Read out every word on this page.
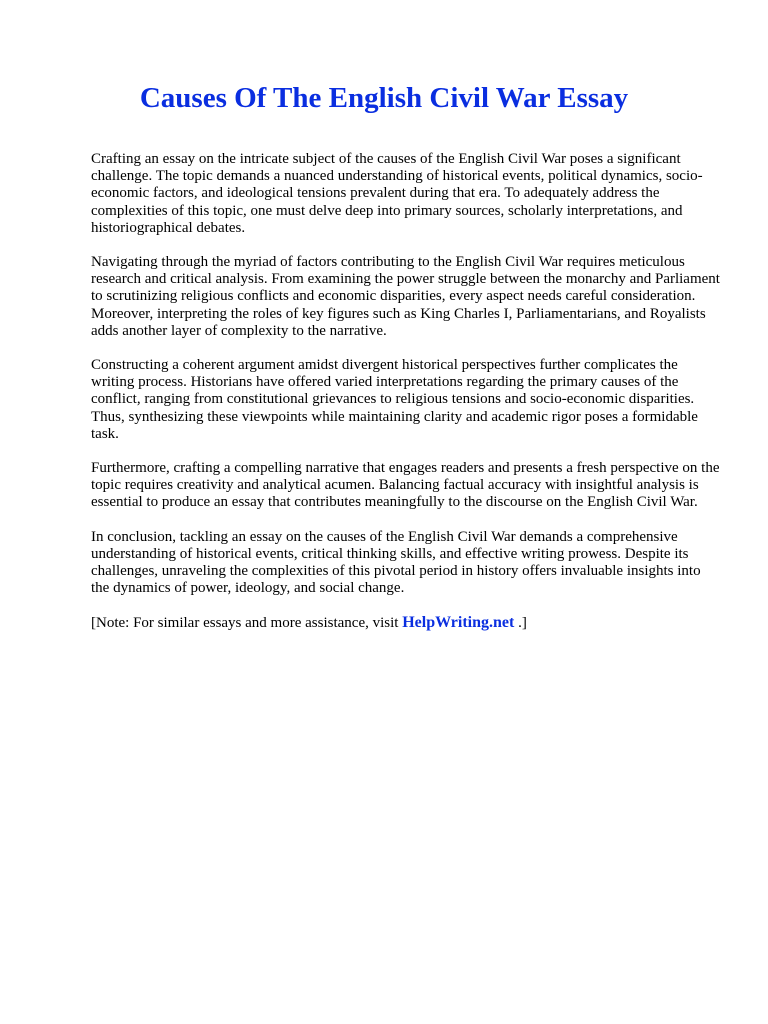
Causes Of The English Civil War Essay

Crafting an essay on the intricate subject of the causes of the English Civil War poses a significant challenge. The topic demands a nuanced understanding of historical events, political dynamics, socio-economic factors, and ideological tensions prevalent during that era. To adequately address the complexities of this topic, one must delve deep into primary sources, scholarly interpretations, and historiographical debates.

Navigating through the myriad of factors contributing to the English Civil War requires meticulous research and critical analysis. From examining the power struggle between the monarchy and Parliament to scrutinizing religious conflicts and economic disparities, every aspect needs careful consideration. Moreover, interpreting the roles of key figures such as King Charles I, Parliamentarians, and Royalists adds another layer of complexity to the narrative.

Constructing a coherent argument amidst divergent historical perspectives further complicates the writing process. Historians have offered varied interpretations regarding the primary causes of the conflict, ranging from constitutional grievances to religious tensions and socio-economic disparities. Thus, synthesizing these viewpoints while maintaining clarity and academic rigor poses a formidable task.

Furthermore, crafting a compelling narrative that engages readers and presents a fresh perspective on the topic requires creativity and analytical acumen. Balancing factual accuracy with insightful analysis is essential to produce an essay that contributes meaningfully to the discourse on the English Civil War.

In conclusion, tackling an essay on the causes of the English Civil War demands a comprehensive understanding of historical events, critical thinking skills, and effective writing prowess. Despite its challenges, unraveling the complexities of this pivotal period in history offers invaluable insights into the dynamics of power, ideology, and social change.

[Note: For similar essays and more assistance, visit HelpWriting.net .]
